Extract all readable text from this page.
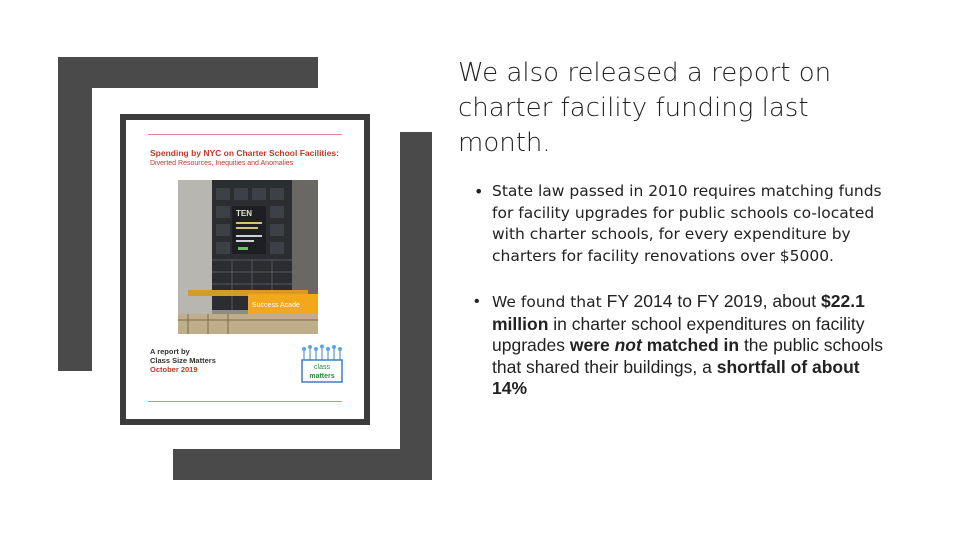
Spending by NYC on Charter School Facilities:
Diverted Resources, Inequities and Anomalies
TEN
Success Acade
A report by
Class Size Matters
October 2019	class
matters
We also released a report on charter facility funding last month.
• State law passed in 2010 requires matching funds for facility upgrades for public schools co-located with charter schools, for every expenditure by charters for facility renovations over $5000.
• We found that FY 2014 to FY 2019, about $22.1 million in charter school expenditures on facility upgrades were not matched in the public schools that shared their buildings, a shortfall of about 14%
